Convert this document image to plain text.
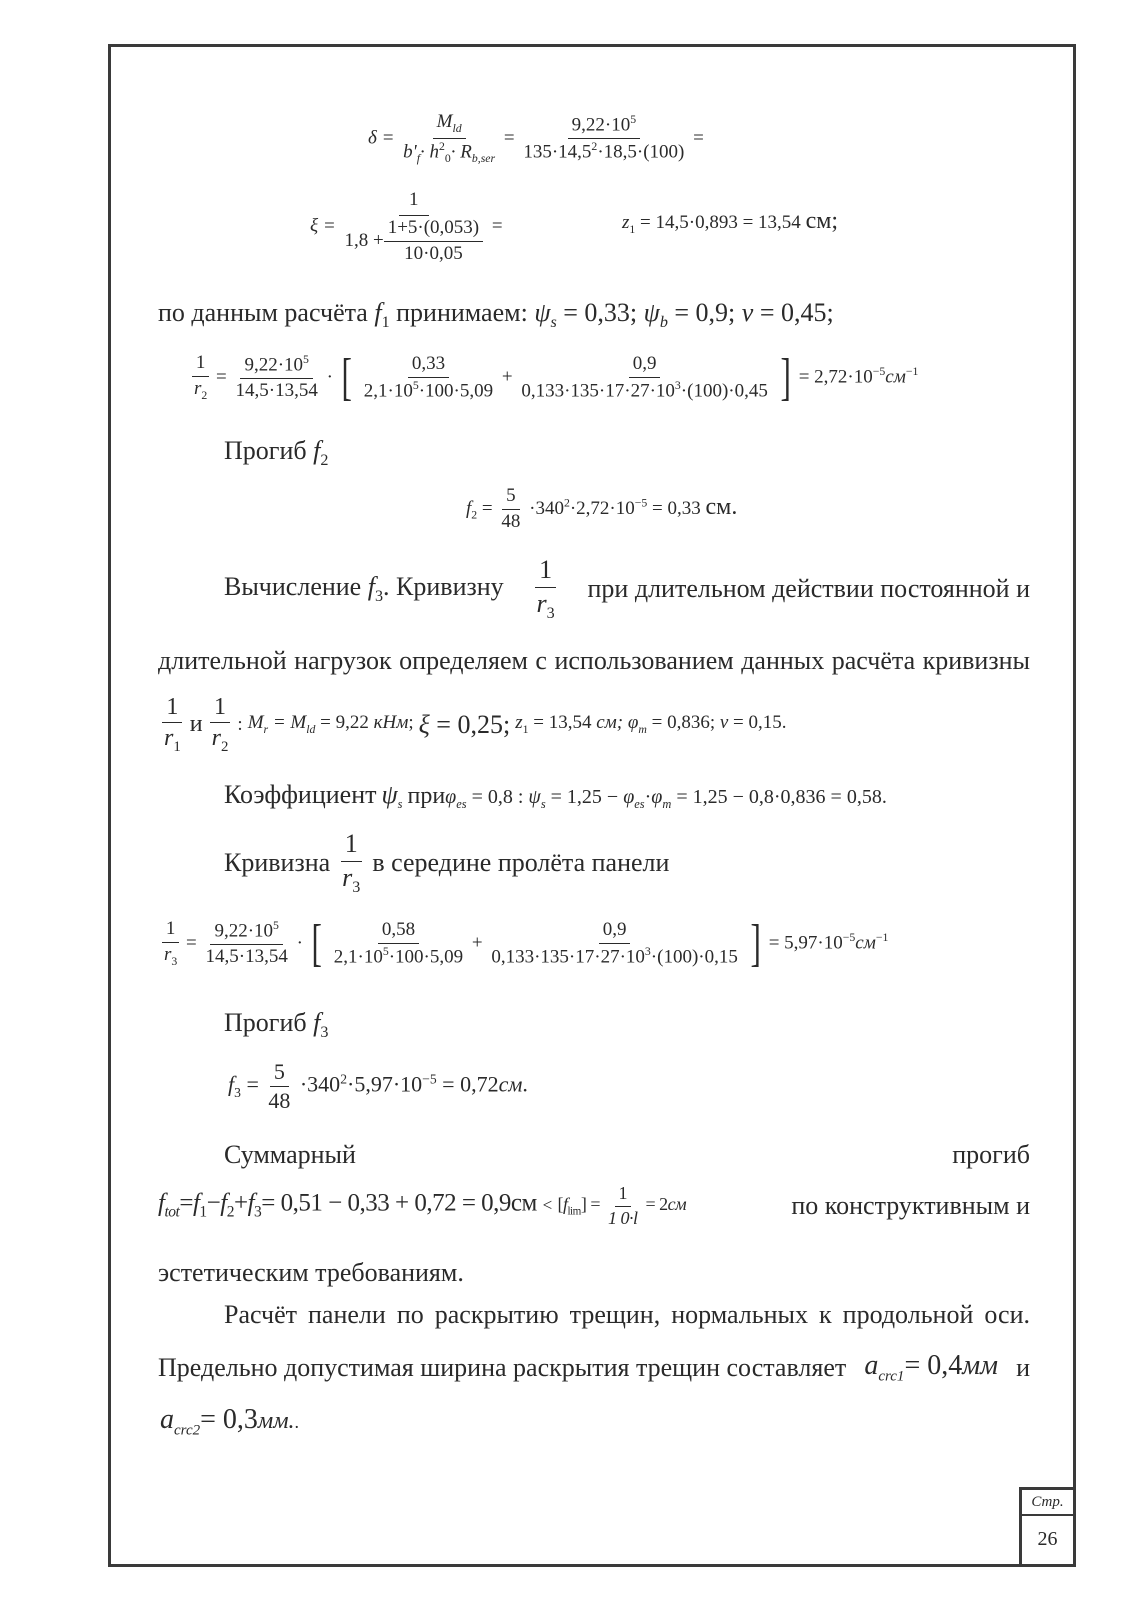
$\delta = \frac{M_{ld}}{b'_f\cdot h^2_0\cdot R_{b,ser}} = \frac{9,22\cdot 10^5}{135\cdot 14,5^2\cdot 18,5\cdot(100)}$ =
$\xi = \frac{1}{1,8 + \frac{1+5\cdot(0,053)}{10\cdot 0,05}}$ =	$z_1 = 14,5\cdot 0,893 = 13,54$ см;
по данным расчёта $f_1$ принимаем: $\psi_s = 0,33$; $\psi_b = 0,9$; ν = 0,45;
$\frac{1}{r_2} = \frac{9,22\cdot 10^5}{14,5\cdot 13,54}$ · [ $\frac{0,33}{2,1\cdot 10^5\cdot 100\cdot 5,09} + \frac{0,9}{0,133\cdot 135\cdot 17\cdot 27\cdot 10^3\cdot(100)\cdot 0,45}$ ] = $2,72\cdot 10^{-5}см^{-1}$
Прогиб $f_2$
$f_2 = \frac{5}{48} \cdot 340^2\cdot 2,72\cdot 10^{-5} = 0,33$ см.
Вычисление $f_3$. Кривизну $\frac{1}{r_3}$ при длительном действии постоянной и
длительной нагрузок определяем с использованием данных расчёта кривизны
$\frac{1}{r_1}$ и $\frac{1}{r_2}$ : $M_r = M_{ld} = 9,22$ кНм; ξ = 0,25; $z_1 = 13,54$ см; $\varphi_m = 0,836$; ν = 0,15.
Коэффициент $\psi_s$ приφ$_{es}$ = 0,8 : $\psi_s = 1,25 - \varphi_{es}\cdot\varphi_m = 1,25 - 0,8\cdot 0,836 = 0,58$.
Кривизна $\frac{1}{r_3}$ в середине пролёта панели
$\frac{1}{r_3} = \frac{9,22\cdot 10^5}{14,5\cdot 13,54}$ · [ $\frac{0,58}{2,1\cdot 10^5\cdot 100\cdot 5,09} + \frac{0,9}{0,133\cdot 135\cdot 17\cdot 27\cdot 10^3\cdot(100)\cdot 0,15}$ ] = $5,97\cdot 10^{-5}см^{-1}$
Прогиб $f_3$
$f_3 = \frac{5}{48} \cdot 340^2\cdot 5,97\cdot 10^{-5} = 0,72см$.
Суммарный	прогиб
$f_{tot}=f_1-f_2+f_3= 0,51 - 0,33 + 0,72 = 0,9см < [f_{lim}] = \frac{1}{1 0\cdot l} = 2см$	по конструктивным и
эстетическим требованиям.
Расчёт панели по раскрытию трещин, нормальных к продольной оси.
Предельно допустимая ширина раскрытия трещин составляет $a_{crc1}= 0,4мм$ и
$a_{crc2}= 0,3мм$..
Стр.
26
